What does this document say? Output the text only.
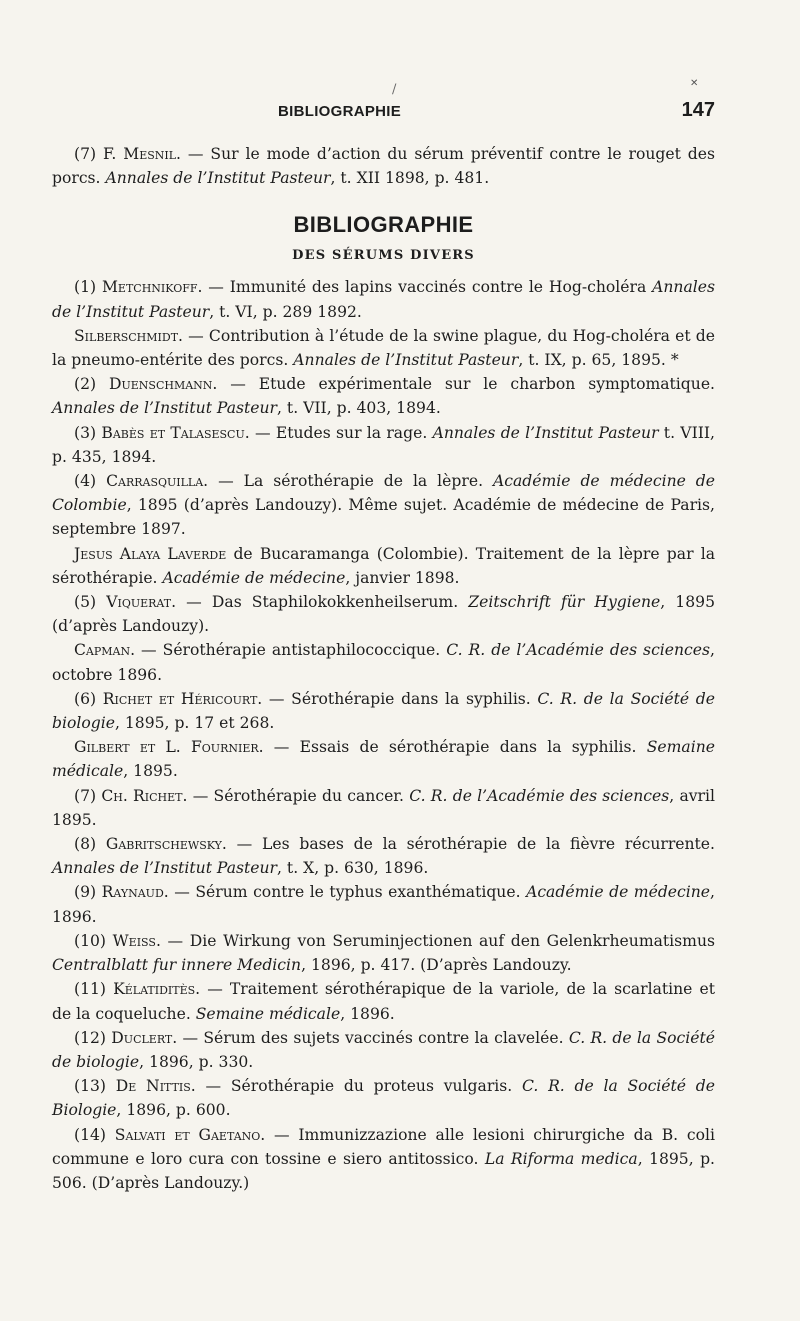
✕
/
BIBLIOGRAPHIE	147

(7) F. Mesnil. — Sur le mode d’action du sérum préventif contre le rouget des porcs. Annales de l’Institut Pasteur, t. XII 1898, p. 481.

BIBLIOGRAPHIE
DES SÉRUMS DIVERS

(1) Metchnikoff. — Immunité des lapins vaccinés contre le Hog-choléra Annales de l’Institut Pasteur, t. VI, p. 289 1892.

Silberschmidt. — Contribution à l’étude de la swine plague, du Hog-choléra et de la pneumo-entérite des porcs. Annales de l’Institut Pasteur, t. IX, p. 65, 1895. *

(2) Duenschmann. — Etude expérimentale sur le charbon symptomatique. Annales de l’Institut Pasteur, t. VII, p. 403, 1894.

(3) Babès et Talasescu. — Etudes sur la rage. Annales de l’Institut Pasteur t. VIII, p. 435, 1894.

(4) Carrasquilla. — La sérothérapie de la lèpre. Académie de médecine de Colombie, 1895 (d’après Landouzy). Même sujet. Académie de médecine de Paris, septembre 1897.

Jesus Alaya Laverde de Bucaramanga (Colombie). Traitement de la lèpre par la sérothérapie. Académie de médecine, janvier 1898.

(5) Viquerat. — Das Staphilokokkenheilserum. Zeitschrift für Hygiene, 1895 (d’après Landouzy).

Capman. — Sérothérapie antistaphilococcique. C. R. de l’Académie des sciences, octobre 1896.

(6) Richet et Héricourt. — Sérothérapie dans la syphilis. C. R. de la Société de biologie, 1895, p. 17 et 268.

Gilbert et L. Fournier. — Essais de sérothérapie dans la syphilis. Semaine médicale, 1895.

(7) Ch. Richet. — Sérothérapie du cancer. C. R. de l’Académie des sciences, avril 1895.

(8) Gabritschewsky. — Les bases de la sérothérapie de la fièvre récurrente. Annales de l’Institut Pasteur, t. X, p. 630, 1896.

(9) Raynaud. — Sérum contre le typhus exanthématique. Académie de médecine, 1896.

(10) Weiss. — Die Wirkung von Seruminjectionen auf den Gelenkrheumatismus Centralblatt fur innere Medicin, 1896, p. 417. (D’après Landouzy.

(11) Kélatiditès. — Traitement sérothérapique de la variole, de la scarlatine et de la coqueluche. Semaine médicale, 1896.

(12) Duclert. — Sérum des sujets vaccinés contre la clavelée. C. R. de la Société de biologie, 1896, p. 330.

(13) De Nittis. — Sérothérapie du proteus vulgaris. C. R. de la Société de Biologie, 1896, p. 600.

(14) Salvati et Gaetano. — Immunizzazione alle lesioni chirurgiche da B. coli commune e loro cura con tossine e siero antitossico. La Riforma medica, 1895, p. 506. (D’après Landouzy.)
